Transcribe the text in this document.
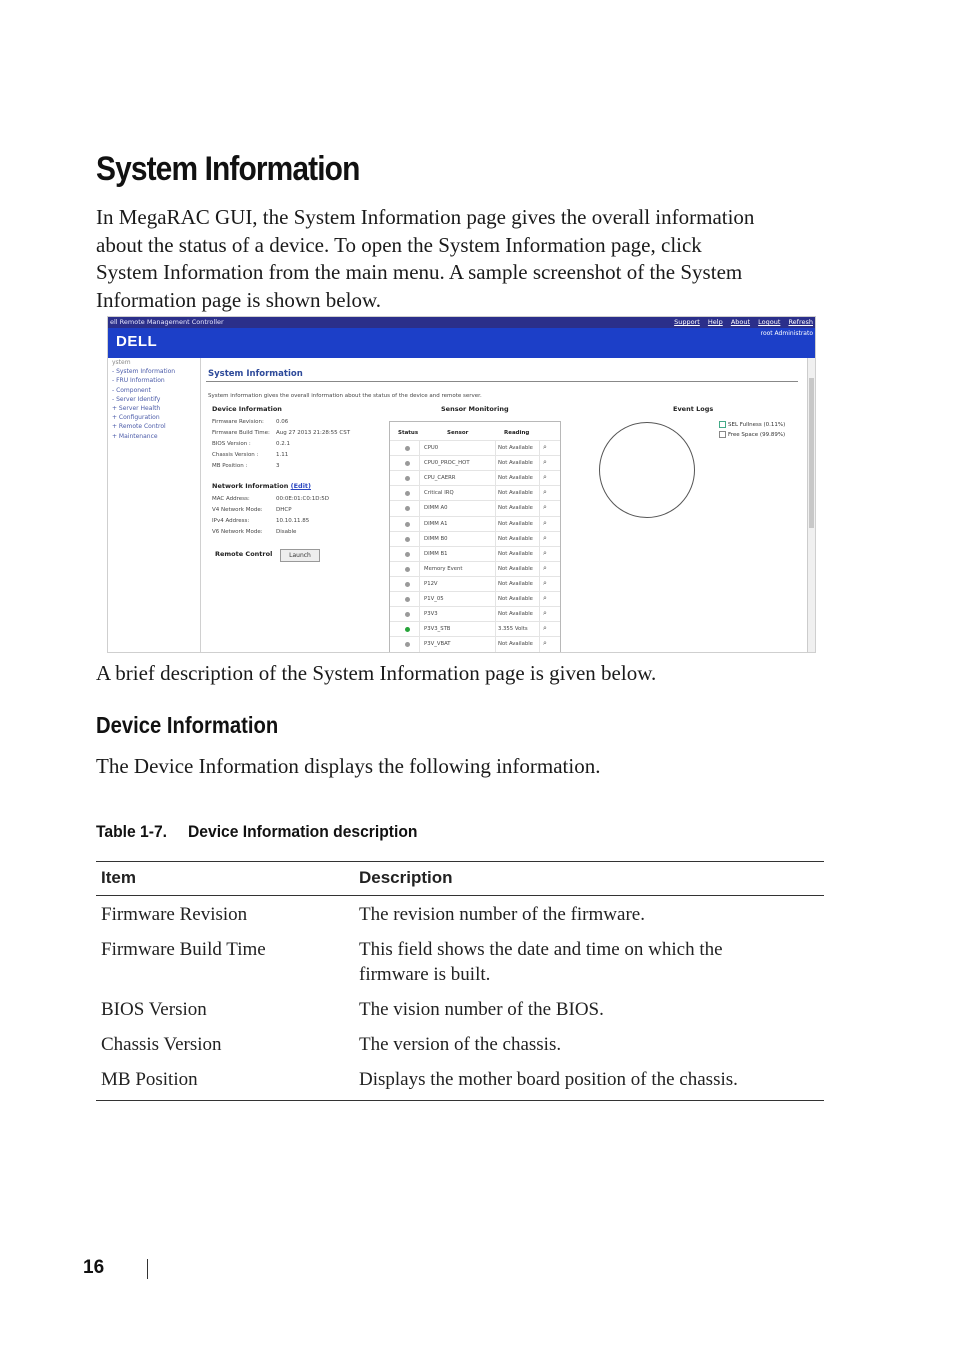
System Information

In MegaRAC GUI, the System Information page gives the overall information
about the status of a device. To open the System Information page, click
System Information from the main menu. A sample screenshot of the System
Information page is shown below.

ell Remote Management Controller	Support Help About Logout Refresh
DELL	root Administrato
ystem
- System Information
- FRU Information
- Component
- Server Identify
+ Server Health
+ Configuration
+ Remote Control
+ Maintenance
System Information
System information gives the overall information about the status of the device and remote server.
Device Information
Firmware Revision: 0.06
Firmware Build Time: Aug 27 2013 21:28:55 CST
BIOS Version :	0.2.1
Chassis Version :	1.11
MB Position :	3
Network Information (Edit)
MAC Address:	00:0E:01:C0:1D:5D
V4 Network Mode: DHCP
IPv4 Address:	10.10.11.85
V6 Network Mode: Disable
Remote Control	Launch
Sensor Monitoring
Status	Sensor	Reading
CPU0	Not Available ⌕
CPU0_PROC_HOT	Not Available ⌕
CPU_CAERR	Not Available ⌕
Critical IRQ	Not Available ⌕
DIMM A0	Not Available ⌕
DIMM A1	Not Available ⌕
DIMM B0	Not Available ⌕
DIMM B1	Not Available ⌕
Memory Event	Not Available ⌕
P12V	Not Available ⌕
P1V_05	Not Available ⌕
P3V3	Not Available ⌕
P3V3_STB	3.355 Volts ⌕
P3V_VBAT	Not Available ⌕
Event Logs
SEL Fullness (0.11%)
Free Space (99.89%)

A brief description of the System Information page is given below.

Device Information

The Device Information displays the following information.

Table 1-7. Device Information description
Item	Description
Firmware Revision	The revision number of the firmware.
Firmware Build Time	This field shows the date and time on which the firmware is built.
BIOS Version	The vision number of the BIOS.
Chassis Version	The version of the chassis.
MB Position	Displays the mother board position of the chassis.
16
